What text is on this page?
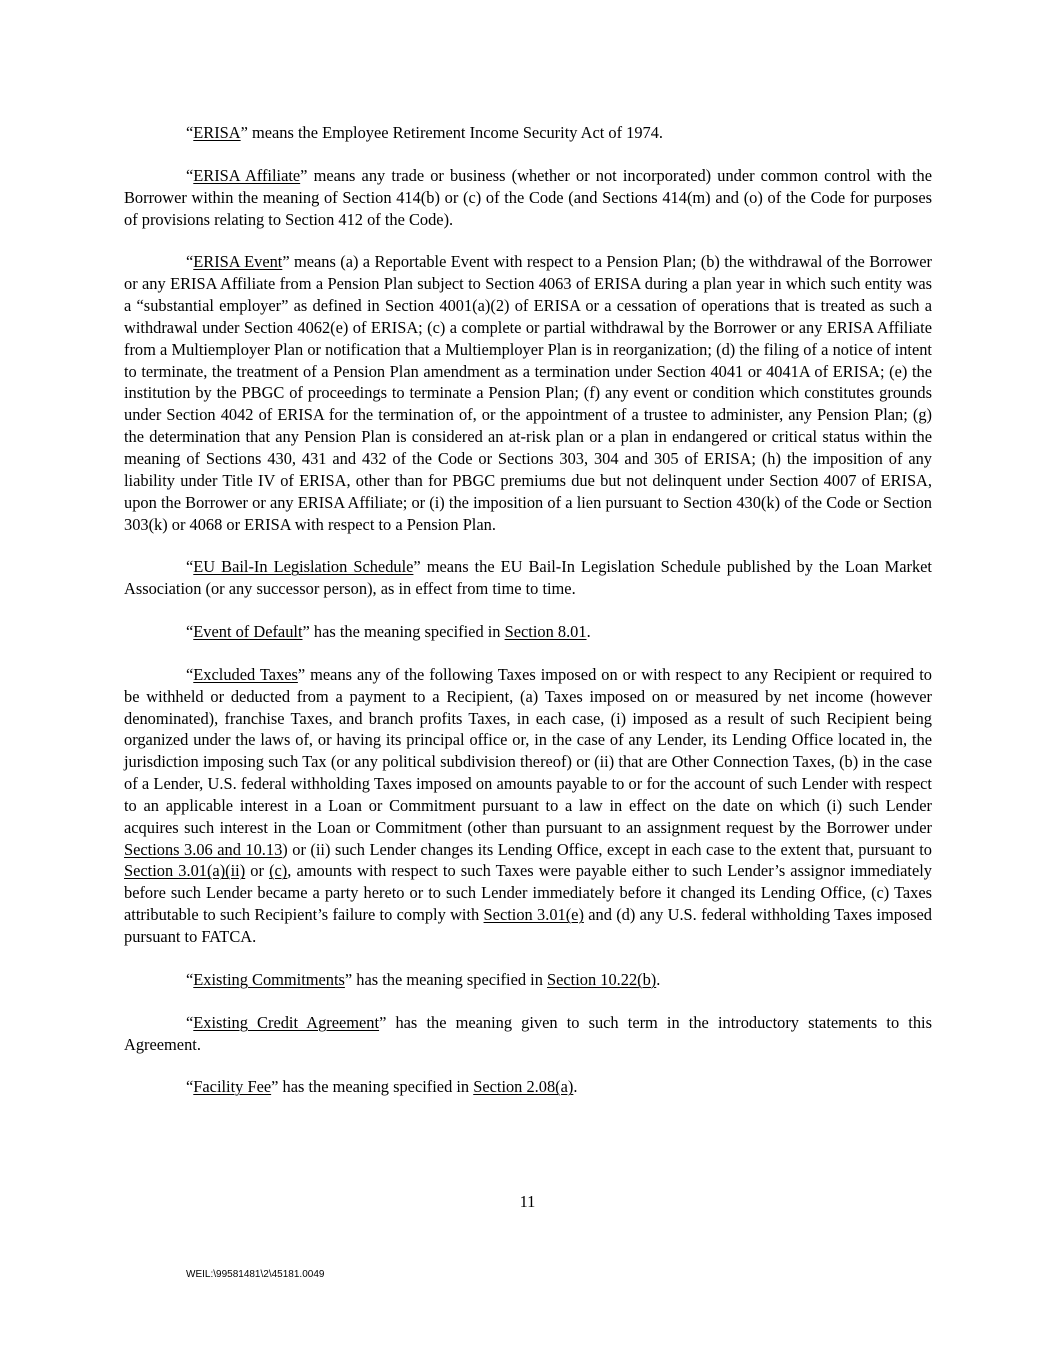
“ERISA” means the Employee Retirement Income Security Act of 1974.

“ERISA Affiliate” means any trade or business (whether or not incorporated) under common control with the Borrower within the meaning of Section 414(b) or (c) of the Code (and Sections 414(m) and (o) of the Code for purposes of provisions relating to Section 412 of the Code).

“ERISA Event” means (a) a Reportable Event with respect to a Pension Plan; (b) the withdrawal of the Borrower or any ERISA Affiliate from a Pension Plan subject to Section 4063 of ERISA during a plan year in which such entity was a “substantial employer” as defined in Section 4001(a)(2) of ERISA or a cessation of operations that is treated as such a withdrawal under Section 4062(e) of ERISA; (c) a complete or partial withdrawal by the Borrower or any ERISA Affiliate from a Multiemployer Plan or notification that a Multiemployer Plan is in reorganization; (d) the filing of a notice of intent to terminate, the treatment of a Pension Plan amendment as a termination under Section 4041 or 4041A of ERISA; (e) the institution by the PBGC of proceedings to terminate a Pension Plan; (f) any event or condition which constitutes grounds under Section 4042 of ERISA for the termination of, or the appointment of a trustee to administer, any Pension Plan; (g) the determination that any Pension Plan is considered an at-risk plan or a plan in endangered or critical status within the meaning of Sections 430, 431 and 432 of the Code or Sections 303, 304 and 305 of ERISA; (h) the imposition of any liability under Title IV of ERISA, other than for PBGC premiums due but not delinquent under Section 4007 of ERISA, upon the Borrower or any ERISA Affiliate; or (i) the imposition of a lien pursuant to Section 430(k) of the Code or Section 303(k) or 4068 or ERISA with respect to a Pension Plan.

“EU Bail-In Legislation Schedule” means the EU Bail-In Legislation Schedule published by the Loan Market Association (or any successor person), as in effect from time to time.

“Event of Default” has the meaning specified in Section 8.01.

“Excluded Taxes” means any of the following Taxes imposed on or with respect to any Recipient or required to be withheld or deducted from a payment to a Recipient, (a) Taxes imposed on or measured by net income (however denominated), franchise Taxes, and branch profits Taxes, in each case, (i) imposed as a result of such Recipient being organized under the laws of, or having its principal office or, in the case of any Lender, its Lending Office located in, the jurisdiction imposing such Tax (or any political subdivision thereof) or (ii) that are Other Connection Taxes, (b) in the case of a Lender, U.S. federal withholding Taxes imposed on amounts payable to or for the account of such Lender with respect to an applicable interest in a Loan or Commitment pursuant to a law in effect on the date on which (i) such Lender acquires such interest in the Loan or Commitment (other than pursuant to an assignment request by the Borrower under Sections 3.06 and 10.13) or (ii) such Lender changes its Lending Office, except in each case to the extent that, pursuant to Section 3.01(a)(ii) or (c), amounts with respect to such Taxes were payable either to such Lender’s assignor immediately before such Lender became a party hereto or to such Lender immediately before it changed its Lending Office, (c) Taxes attributable to such Recipient’s failure to comply with Section 3.01(e) and (d) any U.S. federal withholding Taxes imposed pursuant to FATCA.

“Existing Commitments” has the meaning specified in Section 10.22(b).

“Existing Credit Agreement” has the meaning given to such term in the introductory statements to this Agreement.

“Facility Fee” has the meaning specified in Section 2.08(a).

11
WEIL:\99581481\2\45181.0049
